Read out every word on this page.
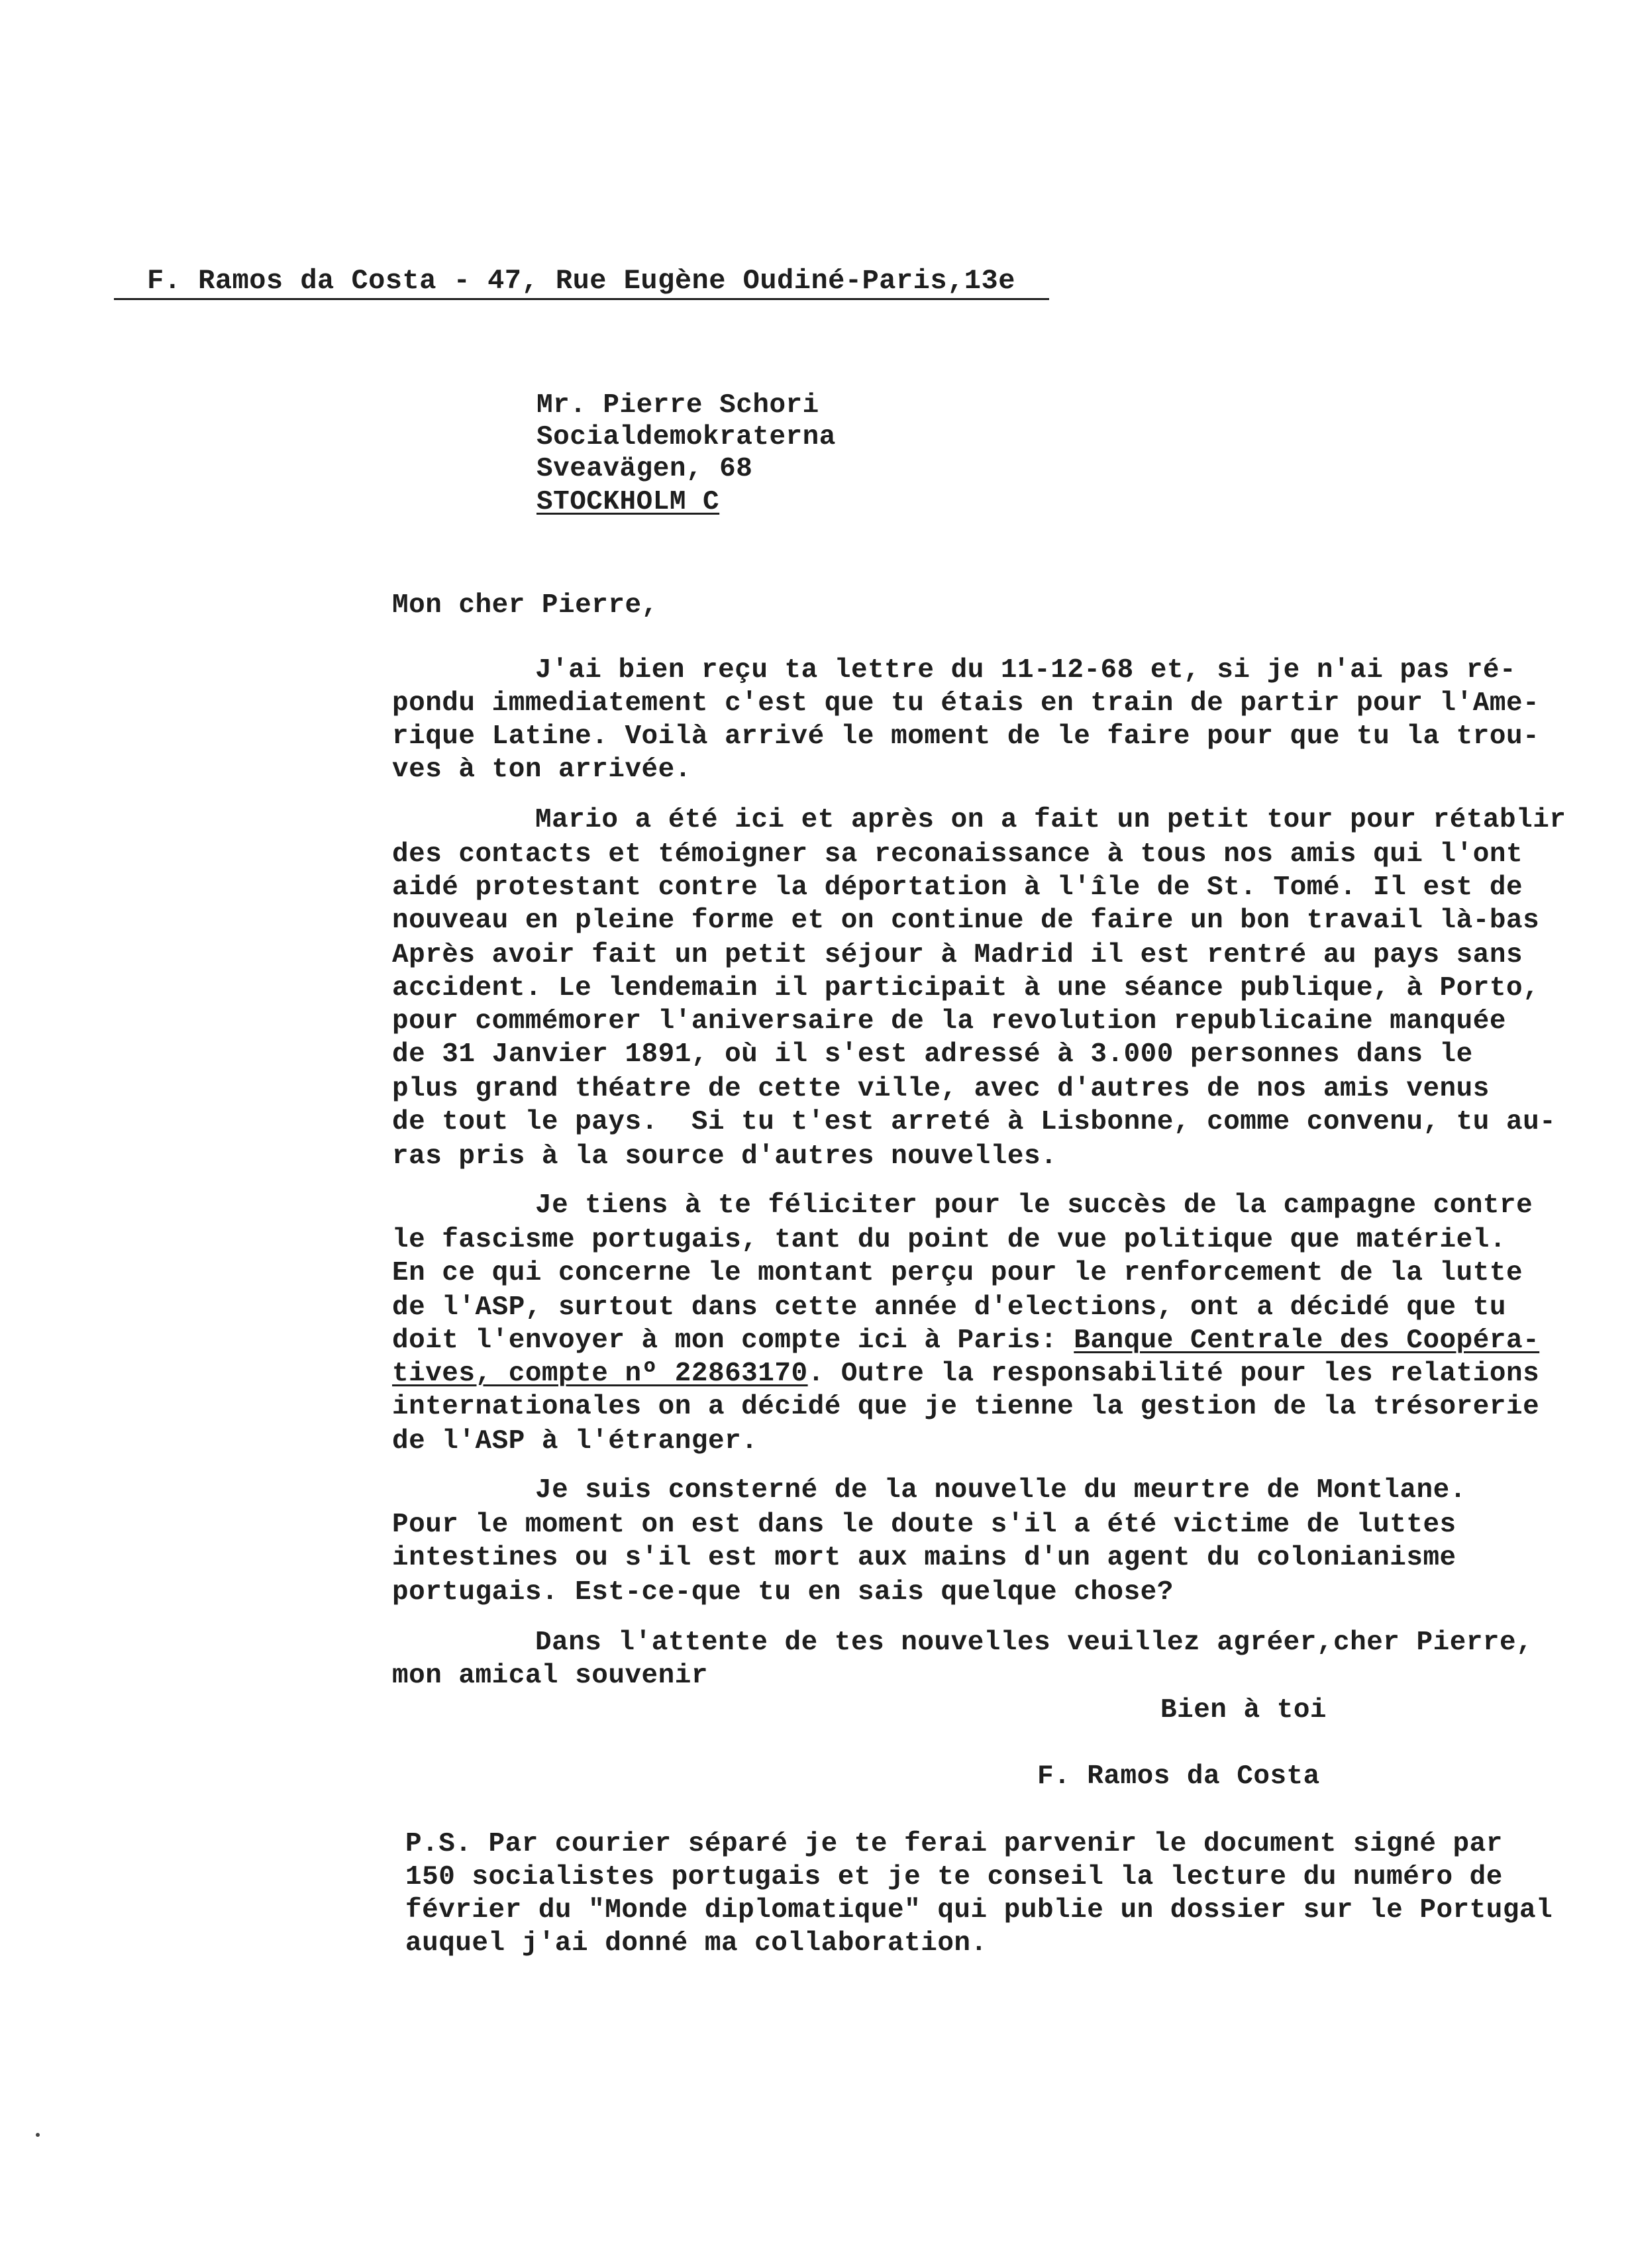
F. Ramos da Costa - 47, Rue Eugène Oudiné-Paris,13e
Mr. Pierre Schori
Socialdemokraterna
Sveavägen, 68
STOCKHOLM C
Mon cher Pierre,
J'ai bien reçu ta lettre du 11-12-68 et, si je n'ai pas ré-
pondu immediatement c'est que tu étais en train de partir pour l'Ame-
rique Latine. Voilà arrivé le moment de le faire pour que tu la trou-
ves à ton arrivée.
Mario a été ici et après on a fait un petit tour pour rétablir
des contacts et témoigner sa reconaissance à tous nos amis qui l'ont
aidé protestant contre la déportation à l'île de St. Tomé. Il est de
nouveau en pleine forme et on continue de faire un bon travail là-bas
Après avoir fait un petit séjour à Madrid il est rentré au pays sans
accident. Le lendemain il participait à une séance publique, à Porto,
pour commémorer l'aniversaire de la revolution republicaine manquée
de 31 Janvier 1891, où il s'est adressé à 3.000 personnes dans le
plus grand théatre de cette ville, avec d'autres de nos amis venus
de tout le pays.  Si tu t'est arreté à Lisbonne, comme convenu, tu au-
ras pris à la source d'autres nouvelles.
Je tiens à te féliciter pour le succès de la campagne contre
le fascisme portugais, tant du point de vue politique que matériel.
En ce qui concerne le montant perçu pour le renforcement de la lutte
de l'ASP, surtout dans cette année d'elections, ont a décidé que tu
doit l'envoyer à mon compte ici à Paris: Banque Centrale des Coopéra-
tives, compte nº 22863170. Outre la responsabilité pour les relations
internationales on a décidé que je tienne la gestion de la trésorerie
de l'ASP à l'étranger.
Je suis consterné de la nouvelle du meurtre de Montlane.
Pour le moment on est dans le doute s'il a été victime de luttes
intestines ou s'il est mort aux mains d'un agent du colonianisme
portugais. Est-ce-que tu en sais quelque chose?
Dans l'attente de tes nouvelles veuillez agréer,cher Pierre,
mon amical souvenir
Bien à toi
F. Ramos da Costa
P.S. Par courier séparé je te ferai parvenir le document signé par
150 socialistes portugais et je te conseil la lecture du numéro de
février du "Monde diplomatique" qui publie un dossier sur le Portugal
auquel j'ai donné ma collaboration.
